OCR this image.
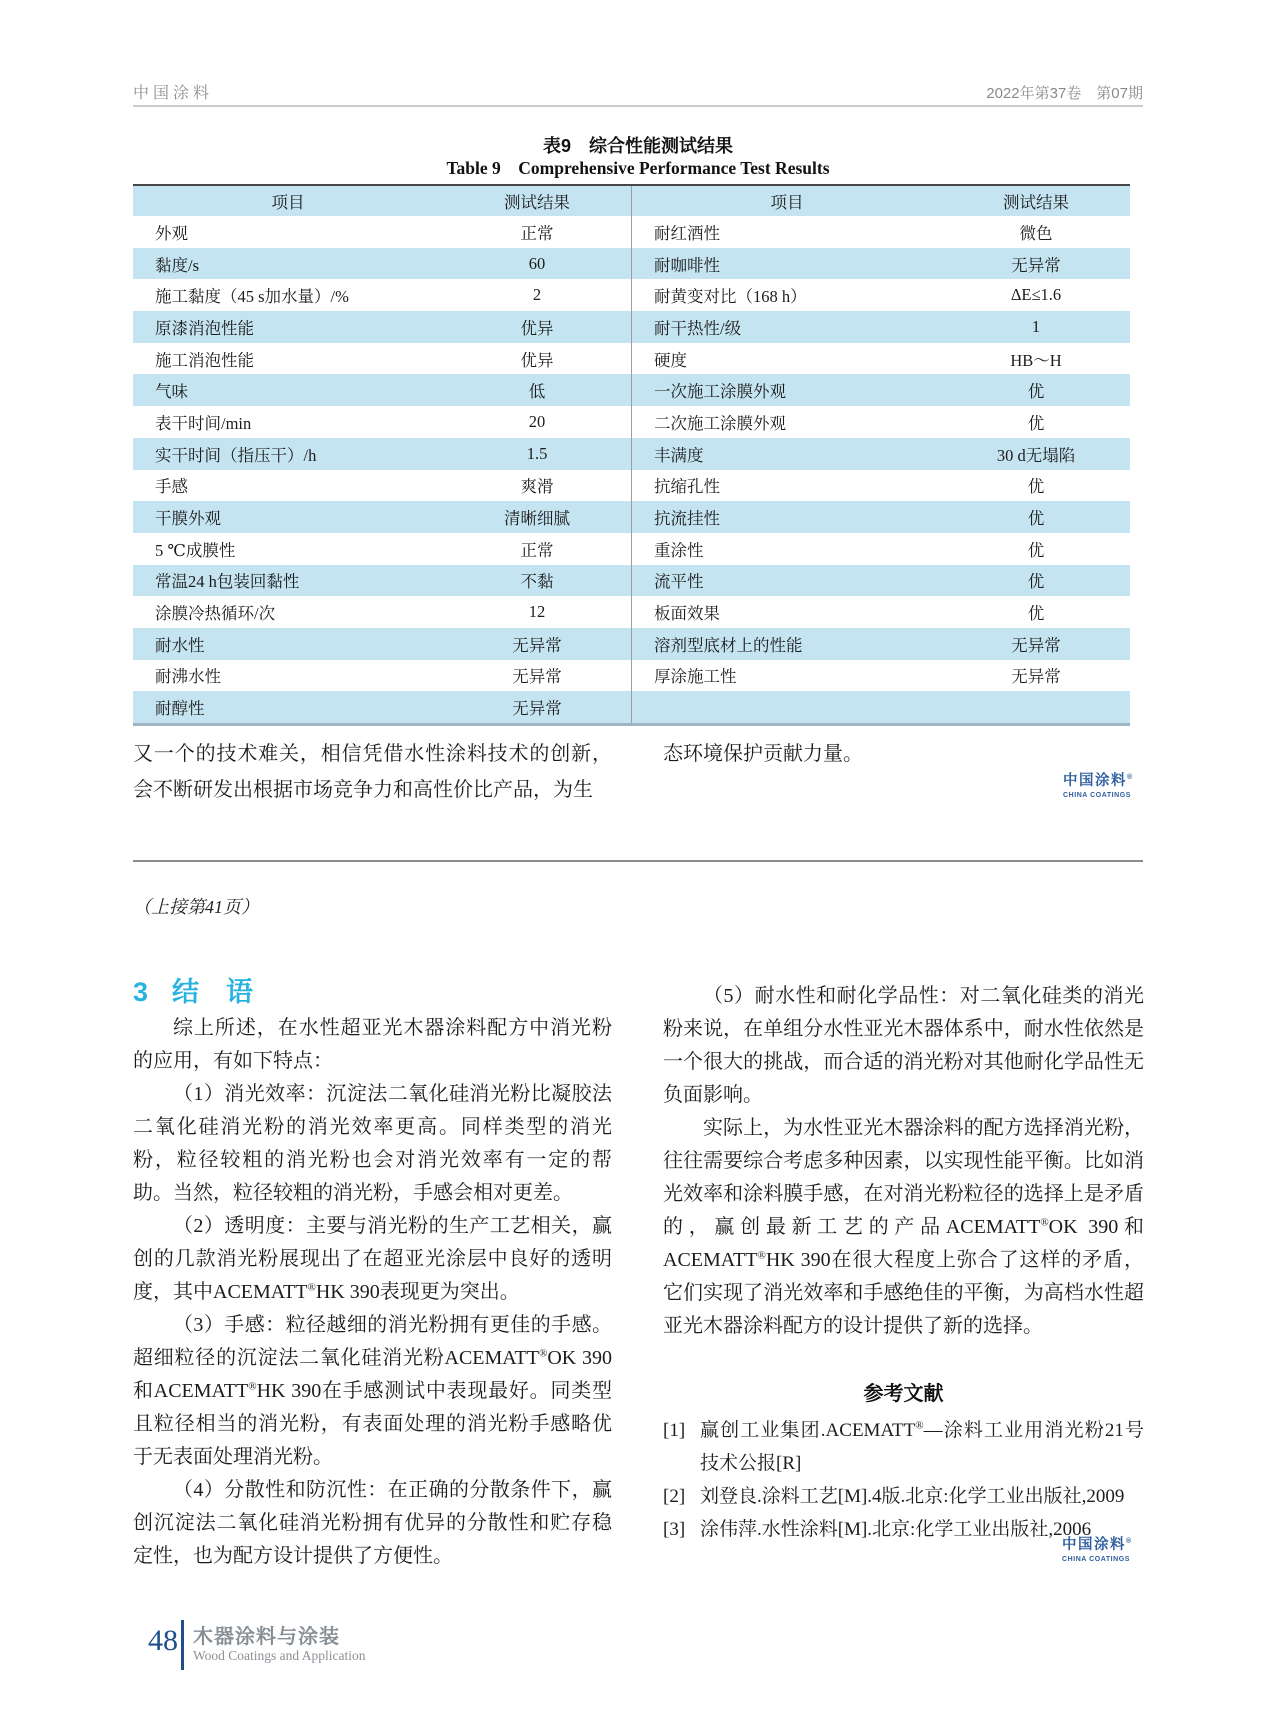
中国涂料	2022年第37卷　第07期
表9　综合性能测试结果
Table 9 Comprehensive Performance Test Results
项目	测试结果	项目	测试结果
外观	正常	耐红酒性	微色
黏度/s	60	耐咖啡性	无异常
施工黏度（45 s加水量）/%	2	耐黄变对比（168 h）	ΔE≤1.6
原漆消泡性能	优异	耐干热性/级	1
施工消泡性能	优异	硬度	HB～H
气味	低	一次施工涂膜外观	优
表干时间/min	20	二次施工涂膜外观	优
实干时间（指压干）/h	1.5	丰满度	30 d无塌陷
手感	爽滑	抗缩孔性	优
干膜外观	清晰细腻	抗流挂性	优
5 ℃成膜性	正常	重涂性	优
常温24 h包装回黏性	不黏	流平性	优
涂膜冷热循环/次	12	板面效果	优
耐水性	无异常	溶剂型底材上的性能	无异常
耐沸水性	无异常	厚涂施工性	无异常
耐醇性	无异常
又一个的技术难关，相信凭借水性涂料技术的创新，会不断研发出根据市场竞争力和高性价比产品，为生
态环境保护贡献力量。
中国涂料®
CHINA COATINGS
（上接第41页）
3 结　语

综上所述，在水性超亚光木器涂料配方中消光粉的应用，有如下特点：

（1）消光效率：沉淀法二氧化硅消光粉比凝胶法二氧化硅消光粉的消光效率更高。同样类型的消光粉，粒径较粗的消光粉也会对消光效率有一定的帮助。当然，粒径较粗的消光粉，手感会相对更差。

（2）透明度：主要与消光粉的生产工艺相关，赢创的几款消光粉展现出了在超亚光涂层中良好的透明度，其中ACEMATT®HK 390表现更为突出。

（3）手感：粒径越细的消光粉拥有更佳的手感。超细粒径的沉淀法二氧化硅消光粉ACEMATT®OK 390和ACEMATT®HK 390在手感测试中表现最好。同类型且粒径相当的消光粉，有表面处理的消光粉手感略优于无表面处理消光粉。

（4）分散性和防沉性：在正确的分散条件下，赢创沉淀法二氧化硅消光粉拥有优异的分散性和贮存稳定性，也为配方设计提供了方便性。

（5）耐水性和耐化学品性：对二氧化硅类的消光粉来说，在单组分水性亚光木器体系中，耐水性依然是一个很大的挑战，而合适的消光粉对其他耐化学品性无负面影响。

实际上，为水性亚光木器涂料的配方选择消光粉，往往需要综合考虑多种因素，以实现性能平衡。比如消光效率和涂料膜手感，在对消光粉粒径的选择上是矛盾的，赢创最新工艺的产品ACEMATT®OK 390和ACEMATT®HK 390在很大程度上弥合了这样的矛盾，它们实现了消光效率和手感绝佳的平衡，为高档水性超亚光木器涂料配方的设计提供了新的选择。

参考文献
[1] 赢创工业集团.ACEMATT®—涂料工业用消光粉21号技术公报[R]
[2] 刘登良.涂料工艺[M].4版.北京:化学工业出版社,2009
[3] 涂伟萍.水性涂料[M].北京:化学工业出版社,2006
中国涂料®
CHINA COATINGS
48 木器涂料与涂装
Wood Coatings and Application
